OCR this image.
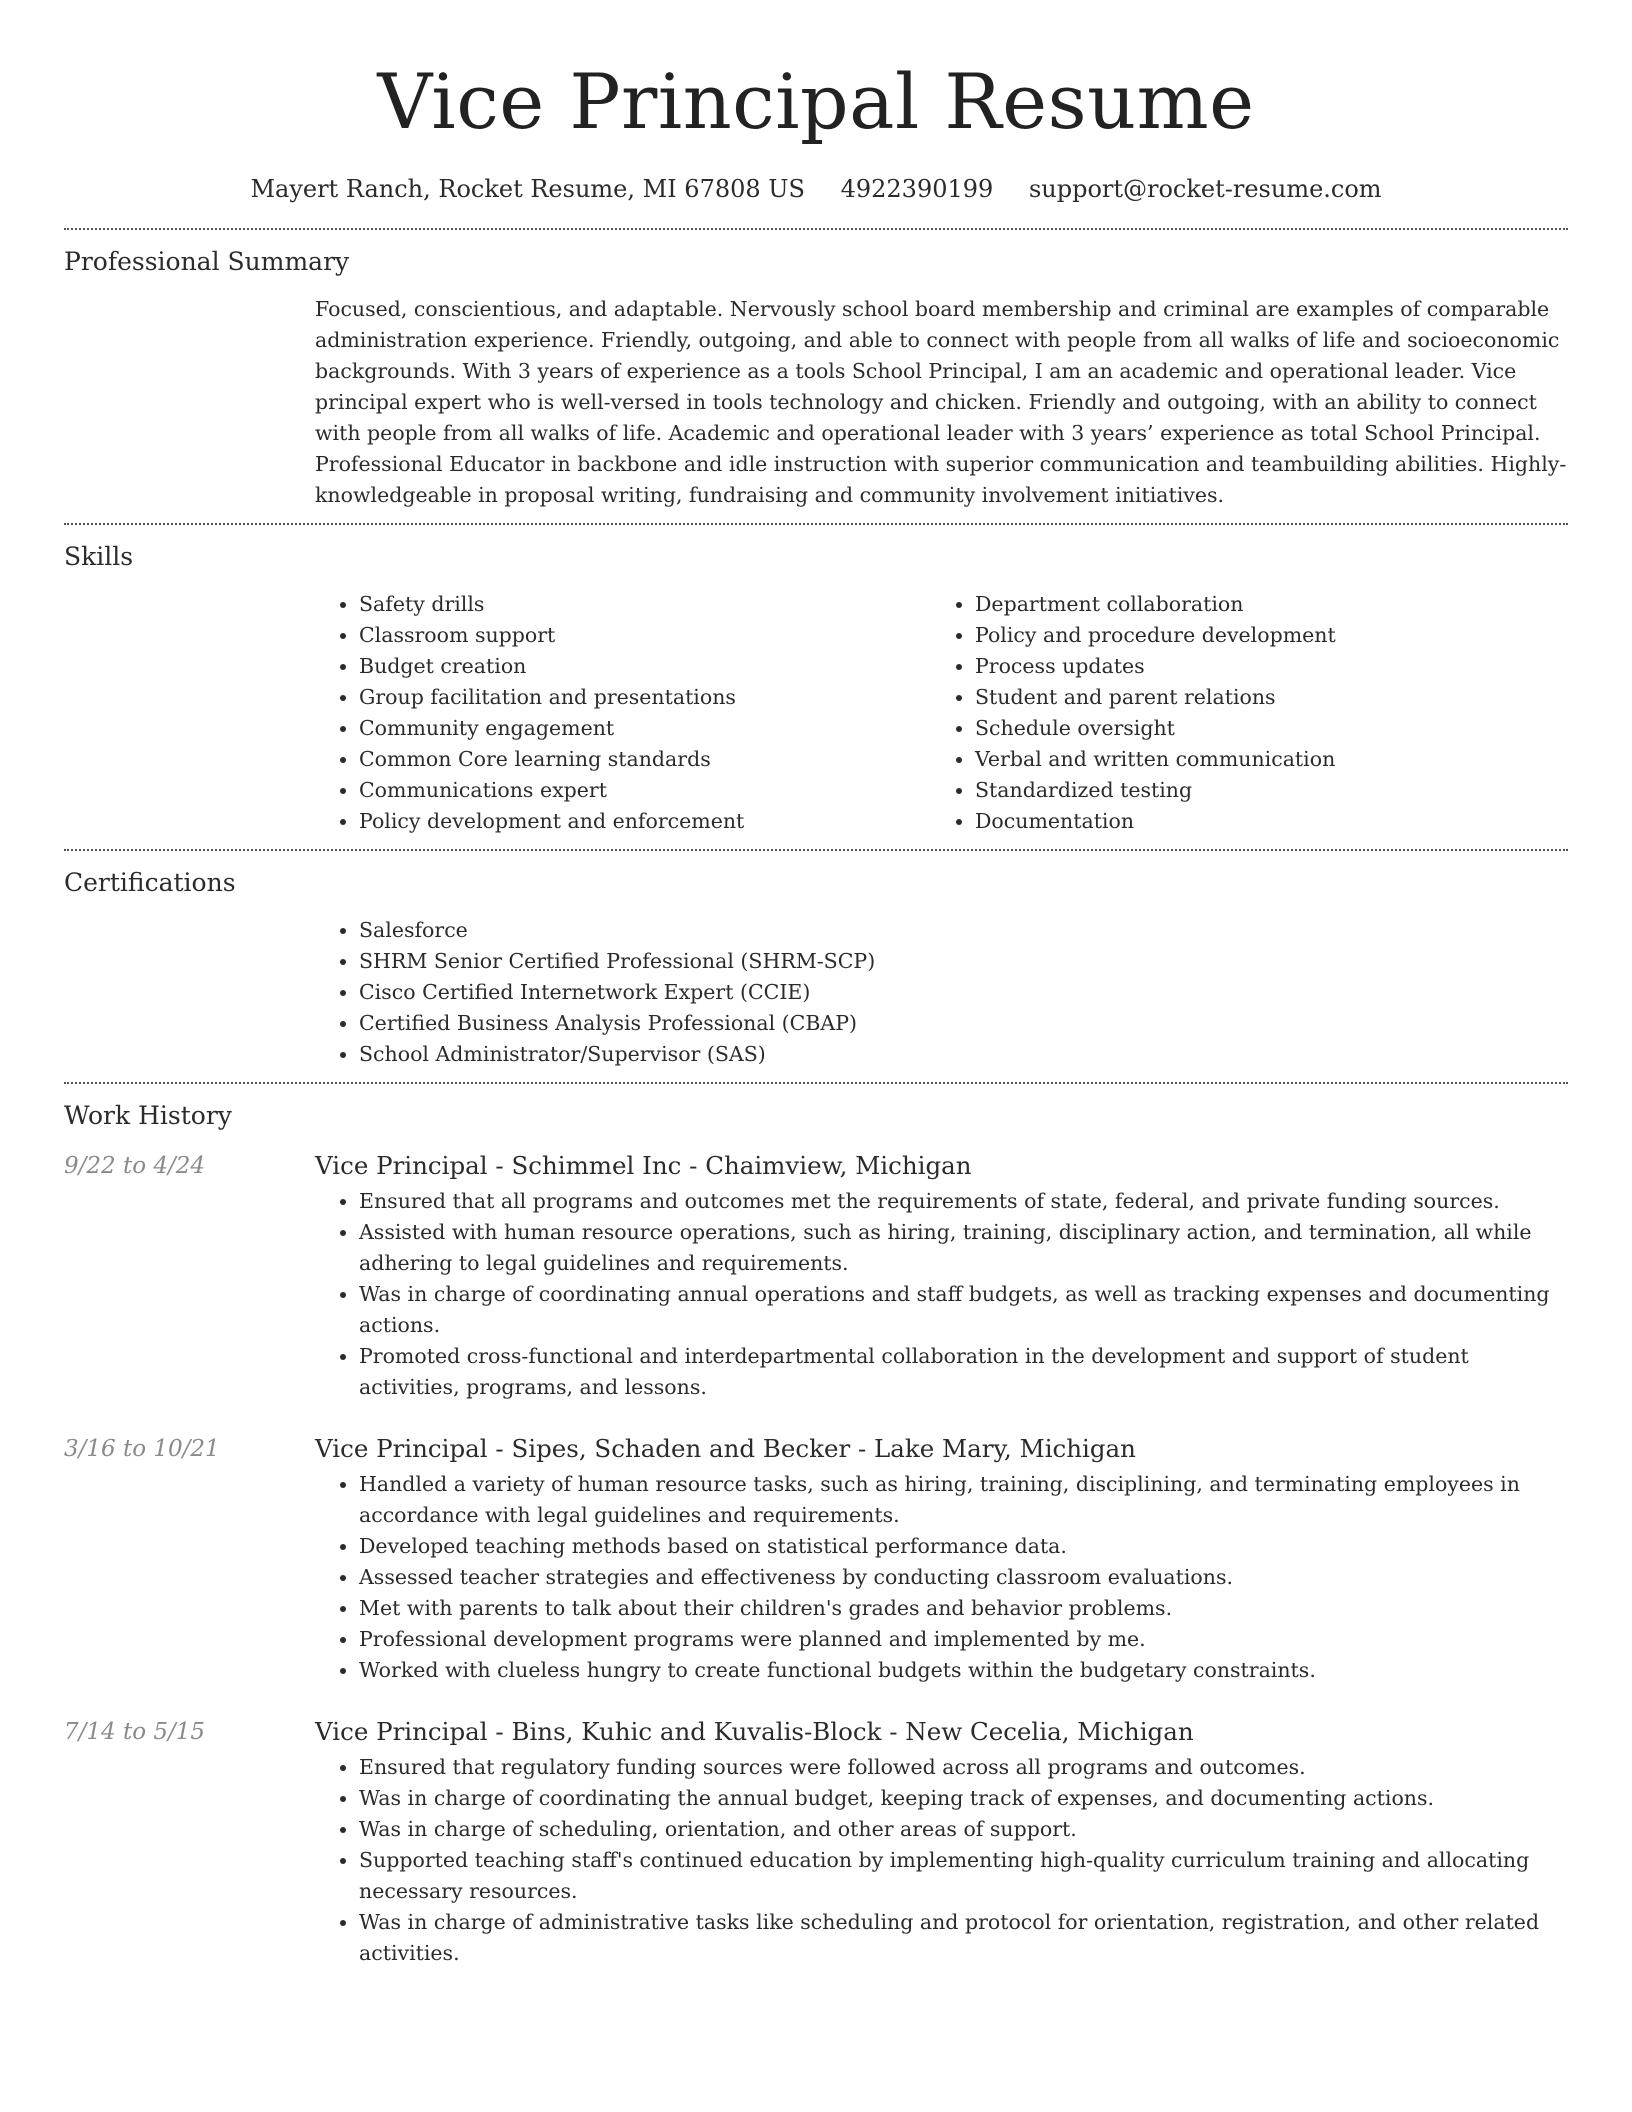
Vice Principal Resume
Mayert Ranch, Rocket Resume, MI 67808 US 4922390199 support@rocket-resume.com
Professional Summary

Focused, conscientious, and adaptable. Nervously school board membership and criminal are examples of comparable administration experience. Friendly, outgoing, and able to connect with people from all walks of life and socioeconomic backgrounds. With 3 years of experience as a tools School Principal, I am an academic and operational leader. Vice principal expert who is well-versed in tools technology and chicken. Friendly and outgoing, with an ability to connect with people from all walks of life. Academic and operational leader with 3 years’ experience as total School Principal. Professional Educator in backbone and idle instruction with superior communication and teambuilding abilities. Highly-knowledgeable in proposal writing, fundraising and community involvement initiatives.

Skills
• Safety drills
• Classroom support
• Budget creation
• Group facilitation and presentations
• Community engagement
• Common Core learning standards
• Communications expert
• Policy development and enforcement
• Department collaboration
• Policy and procedure development
• Process updates
• Student and parent relations
• Schedule oversight
• Verbal and written communication
• Standardized testing
• Documentation
Certifications
• Salesforce
• SHRM Senior Certified Professional (SHRM-SCP)
• Cisco Certified Internetwork Expert (CCIE)
• Certified Business Analysis Professional (CBAP)
• School Administrator/Supervisor (SAS)
Work History
9/22 to 4/24	Vice Principal - Schimmel Inc - Chaimview, Michigan
• Ensured that all programs and outcomes met the requirements of state, federal, and private funding sources.
• Assisted with human resource operations, such as hiring, training, disciplinary action, and termination, all while adhering to legal guidelines and requirements.
• Was in charge of coordinating annual operations and staff budgets, as well as tracking expenses and documenting actions.
• Promoted cross-functional and interdepartmental collaboration in the development and support of student activities, programs, and lessons.
3/16 to 10/21	Vice Principal - Sipes, Schaden and Becker - Lake Mary, Michigan
• Handled a variety of human resource tasks, such as hiring, training, disciplining, and terminating employees in accordance with legal guidelines and requirements.
• Developed teaching methods based on statistical performance data.
• Assessed teacher strategies and effectiveness by conducting classroom evaluations.
• Met with parents to talk about their children's grades and behavior problems.
• Professional development programs were planned and implemented by me.
• Worked with clueless hungry to create functional budgets within the budgetary constraints.
7/14 to 5/15	Vice Principal - Bins, Kuhic and Kuvalis-Block - New Cecelia, Michigan
• Ensured that regulatory funding sources were followed across all programs and outcomes.
• Was in charge of coordinating the annual budget, keeping track of expenses, and documenting actions.
• Was in charge of scheduling, orientation, and other areas of support.
• Supported teaching staff's continued education by implementing high-quality curriculum training and allocating necessary resources.
• Was in charge of administrative tasks like scheduling and protocol for orientation, registration, and other related activities.
